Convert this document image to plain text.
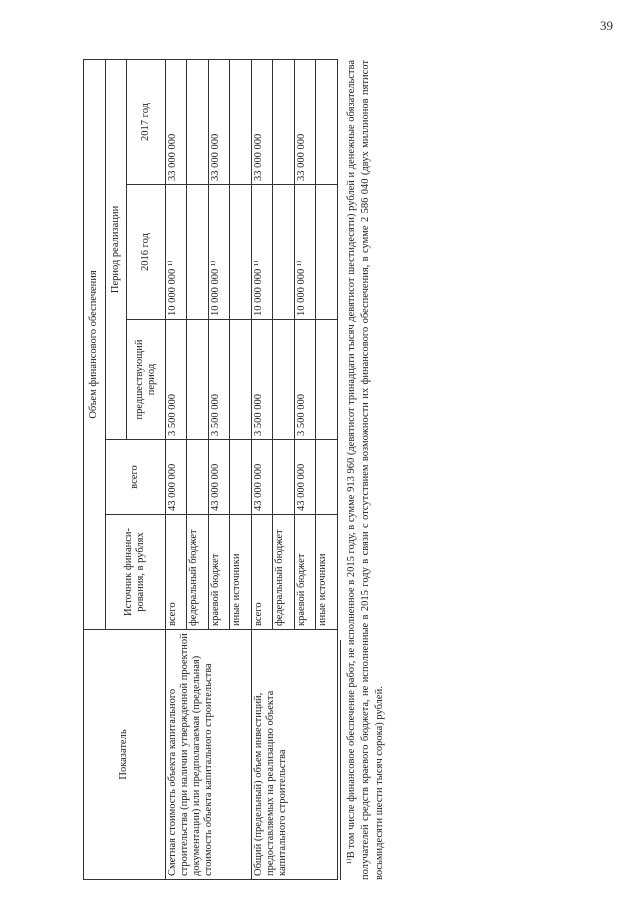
39
Показатель	Объем финансового обеспечения				
	Источник финанси-рования, в рублях	всего	Период реализации		
			предшествующий период	2016 год	2017 год
Сметная стоимость объекта капитального строительства (при наличии утвержденной проектной документации) или предполагаемая (предельная) стоимость объекта капитального строительства	всего	43 000 000	3 500 000	10 000 000 ¹⁾	33 000 000
	федеральный бюджет				
	краевой бюджет	43 000 000	3 500 000	10 000 000 ¹⁾	33 000 000
	иные источники				
Общий (предельный) объем инвестиций, предоставляемых на реализацию объекта капитального строительства	всего	43 000 000	3 500 000	10 000 000 ¹⁾	33 000 000
	федеральный бюджет				
	краевой бюджет	43 000 000	3 500 000	10 000 000 ¹⁾	33 000 000
	иные источники				¹⁾В том числе финансовое обеспечение работ, не исполненное в 2015 году, в сумме 913 960 (девятисот тринадцати тысяч девятисот шестидесяти) рублей и денежные обязательства получателей средств краевого бюджета, не исполненные в 2015 году в связи с отсутствием возможности их финансового обеспечения, в сумме 2 586 040 (двух миллионов пятисот восьмидесяти шести тысяч сорока) рублей.
